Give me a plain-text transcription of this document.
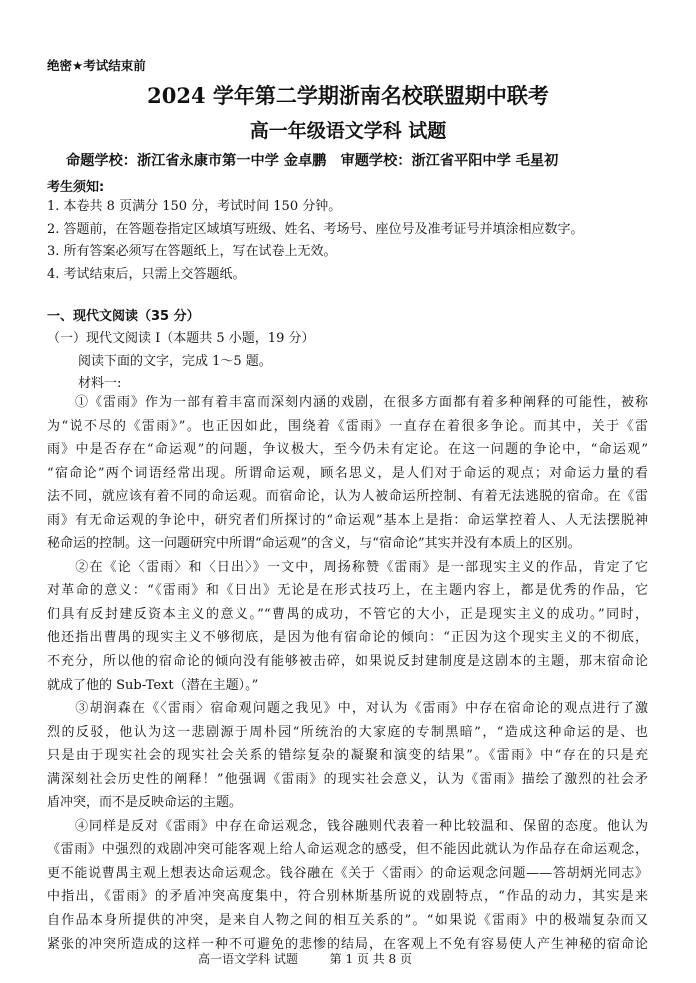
绝密★考试结束前
2024 学年第二学期浙南名校联盟期中联考
高一年级语文学科 试题
命题学校：浙江省永康市第一中学 金卓鹏　审题学校：浙江省平阳中学 毛星初
考生须知:
1. 本卷共 8 页满分 150 分，考试时间 150 分钟。
2. 答题前，在答题卷指定区域填写班级、姓名、考场号、座位号及准考证号并填涂相应数字。
3. 所有答案必须写在答题纸上，写在试卷上无效。
4. 考试结束后，只需上交答题纸。
一、现代文阅读（35 分）
（一）现代文阅读 I（本题共 5 小题，19 分）
阅读下面的文字，完成 1～5 题。
材料一:
　　①《雷雨》作为一部有着丰富而深刻内涵的戏剧，在很多方面都有着多种阐释的可能性，被称
为“说不尽的《雷雨》”。也正因如此，围绕着《雷雨》一直存在着很多争论。而其中，关于《雷
雨》中是否存在“命运观”的问题，争议极大，至今仍未有定论。在这一问题的争论中，“命运观”
“宿命论”两个词语经常出现。所谓命运观，顾名思义，是人们对于命运的观点；对命运力量的看
法不同，就应该有着不同的命运观。而宿命论，认为人被命运所控制、有着无法逃脱的宿命。在《雷
雨》有无命运观的争论中，研究者们所探讨的“命运观”基本上是指：命运掌控着人、人无法摆脱神
秘命运的控制。这一问题研究中所谓“命运观”的含义，与“宿命论”其实并没有本质上的区别。
　　②在《论〈雷雨〉和〈日出〉》一文中，周扬称赞《雷雨》是一部现实主义的作品，肯定了它
对革命的意义：“《雷雨》和《日出》无论是在形式技巧上，在主题内容上，都是优秀的作品，它
们具有反封建反资本主义的意义。”“曹禺的成功，不管它的大小，正是现实主义的成功。”同时，
他还指出曹禺的现实主义不够彻底，是因为他有宿命论的倾向：“正因为这个现实主义的不彻底，
不充分，所以他的宿命论的倾向没有能够被击碎，如果说反封建制度是这剧本的主题，那末宿命论
就成了他的 Sub-Text（潜在主题）。”
　　③胡润森在《〈雷雨〉宿命观问题之我见》中，对认为《雷雨》中存在宿命论的观点进行了激
烈的反驳，他认为这一悲剧源于周朴园“所统治的大家庭的专制黑暗”，“造成这种命运的是、也
只是由于现实社会的现实社会关系的错综复杂的凝聚和演变的结果”。《雷雨》中“存在的只是充
满深刻社会历史性的阐释！”他强调《雷雨》的现实社会意义，认为《雷雨》描绘了激烈的社会矛
盾冲突，而不是反映命运的主题。
　　④同样是反对《雷雨》中存在命运观念，钱谷融则代表着一种比较温和、保留的态度。他认为
《雷雨》中强烈的戏剧冲突可能客观上给人命运观念的感受，但不能因此就认为作品存在命运观念，
更不能说曹禺主观上想表达命运观念。钱谷融在《关于〈雷雨〉的命运观念问题——答胡炳光同志》
中指出，《雷雨》的矛盾冲突高度集中，符合别林斯基所说的戏剧特点，“作品的动力，其实是来
自作品本身所提供的冲突，是来自人物之间的相互关系的”。“如果说《雷雨》中的极端复杂而又
紧张的冲突所造成的这样一种不可避免的悲惨的结局，在客观上不免有容易使人产生神秘的宿命论
高一语文学科 试题	第 1 页 共 8 页
